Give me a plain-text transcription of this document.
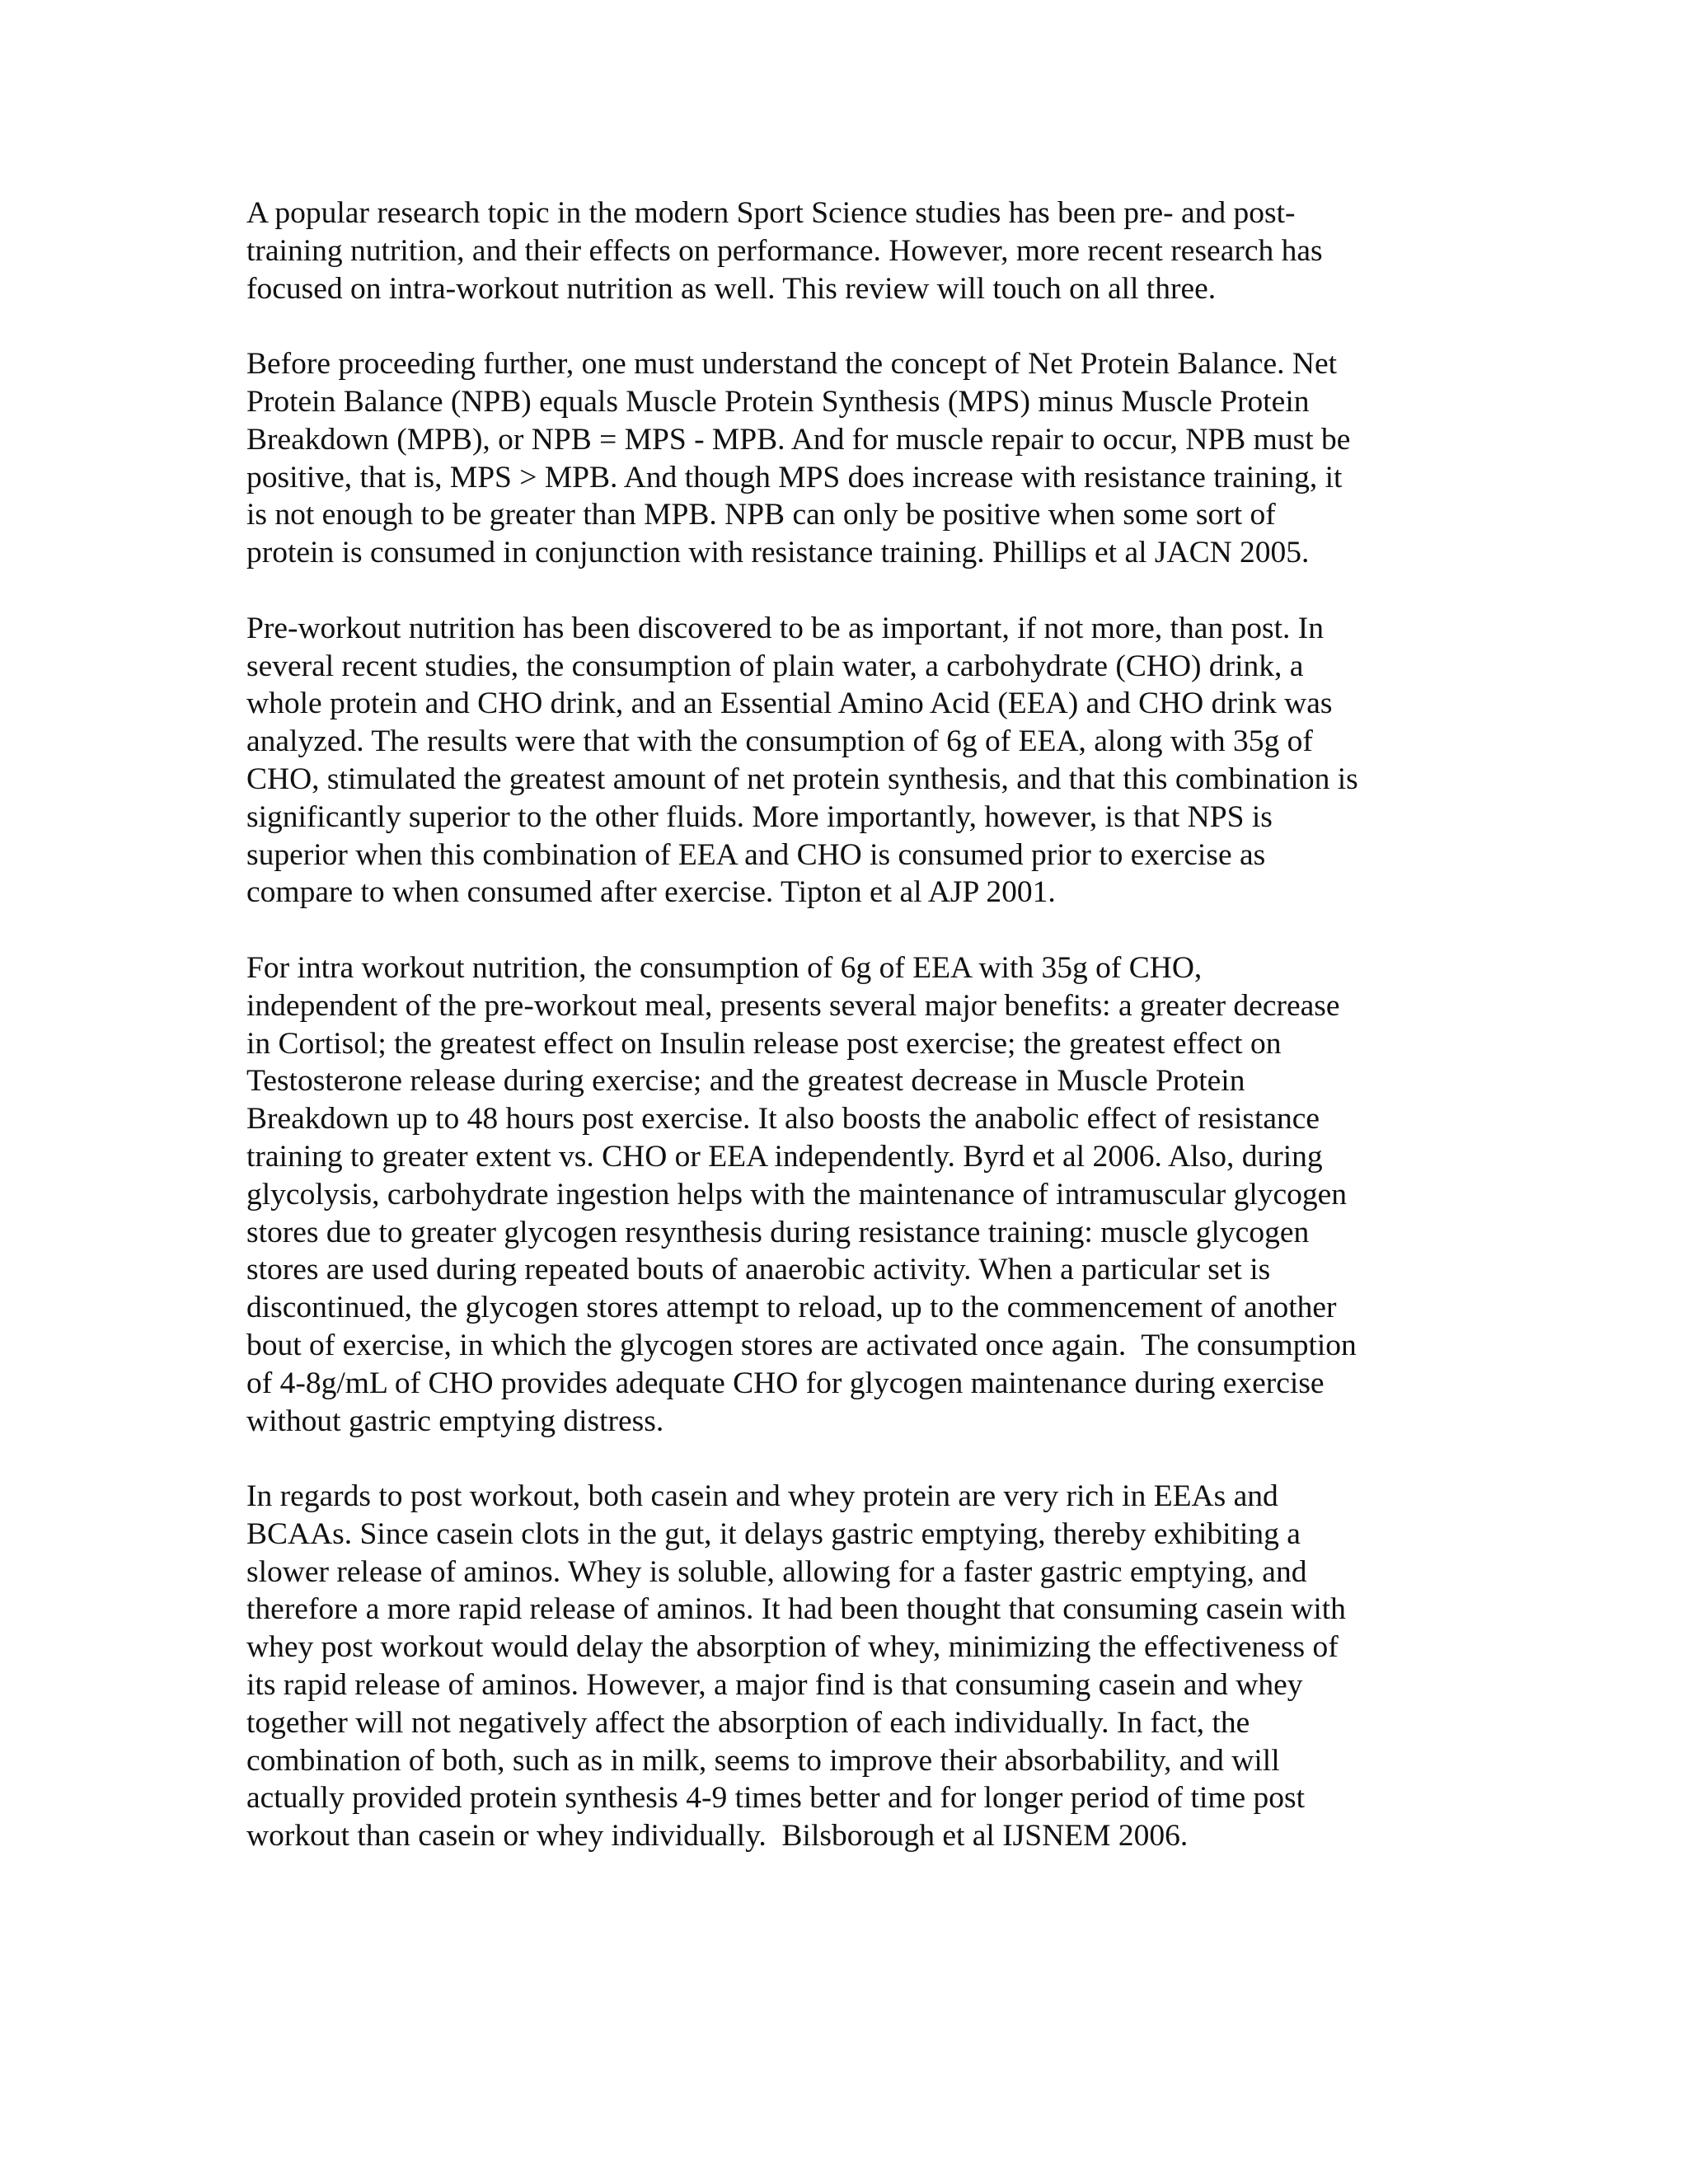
A popular research topic in the modern Sport Science studies has been pre- and post-
training nutrition, and their effects on performance. However, more recent research has
focused on intra-workout nutrition as well. This review will touch on all three.

Before proceeding further, one must understand the concept of Net Protein Balance. Net
Protein Balance (NPB) equals Muscle Protein Synthesis (MPS) minus Muscle Protein
Breakdown (MPB), or NPB = MPS - MPB. And for muscle repair to occur, NPB must be
positive, that is, MPS > MPB. And though MPS does increase with resistance training, it
is not enough to be greater than MPB. NPB can only be positive when some sort of
protein is consumed in conjunction with resistance training. Phillips et al JACN 2005.

Pre-workout nutrition has been discovered to be as important, if not more, than post. In
several recent studies, the consumption of plain water, a carbohydrate (CHO) drink, a
whole protein and CHO drink, and an Essential Amino Acid (EEA) and CHO drink was
analyzed. The results were that with the consumption of 6g of EEA, along with 35g of
CHO, stimulated the greatest amount of net protein synthesis, and that this combination is
significantly superior to the other fluids. More importantly, however, is that NPS is
superior when this combination of EEA and CHO is consumed prior to exercise as
compare to when consumed after exercise. Tipton et al AJP 2001.

For intra workout nutrition, the consumption of 6g of EEA with 35g of CHO,
independent of the pre-workout meal, presents several major benefits: a greater decrease
in Cortisol; the greatest effect on Insulin release post exercise; the greatest effect on
Testosterone release during exercise; and the greatest decrease in Muscle Protein
Breakdown up to 48 hours post exercise. It also boosts the anabolic effect of resistance
training to greater extent vs. CHO or EEA independently. Byrd et al 2006. Also, during
glycolysis, carbohydrate ingestion helps with the maintenance of intramuscular glycogen
stores due to greater glycogen resynthesis during resistance training: muscle glycogen
stores are used during repeated bouts of anaerobic activity. When a particular set is
discontinued, the glycogen stores attempt to reload, up to the commencement of another
bout of exercise, in which the glycogen stores are activated once again.  The consumption
of 4-8g/mL of CHO provides adequate CHO for glycogen maintenance during exercise
without gastric emptying distress.

In regards to post workout, both casein and whey protein are very rich in EEAs and
BCAAs. Since casein clots in the gut, it delays gastric emptying, thereby exhibiting a
slower release of aminos. Whey is soluble, allowing for a faster gastric emptying, and
therefore a more rapid release of aminos. It had been thought that consuming casein with
whey post workout would delay the absorption of whey, minimizing the effectiveness of
its rapid release of aminos. However, a major find is that consuming casein and whey
together will not negatively affect the absorption of each individually. In fact, the
combination of both, such as in milk, seems to improve their absorbability, and will
actually provided protein synthesis 4-9 times better and for longer period of time post
workout than casein or whey individually.  Bilsborough et al IJSNEM 2006.
